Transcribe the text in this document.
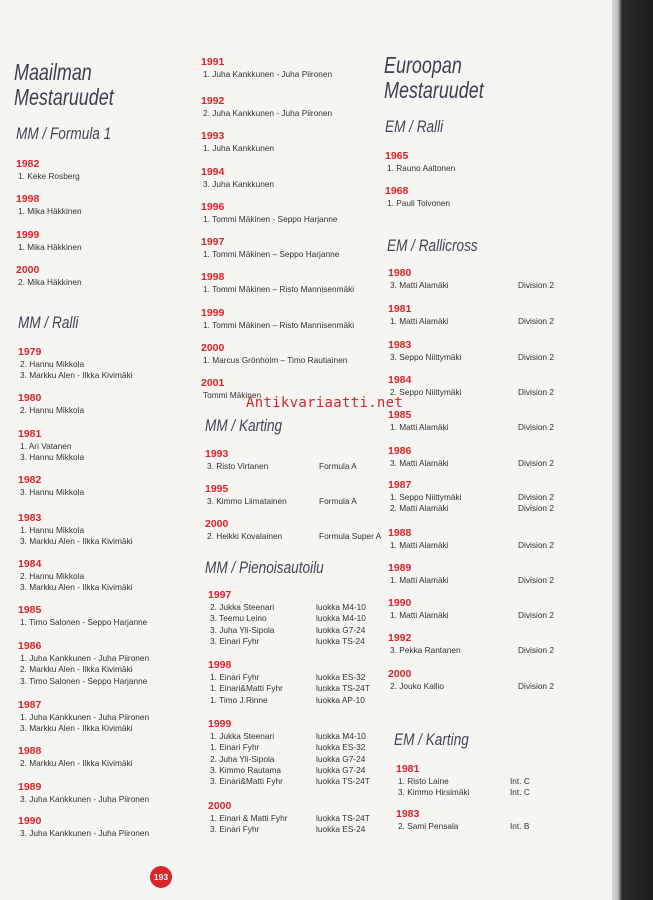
Maailman
Mestaruudet
MM / Formula 1
1982
1. Keke Rosberg
1998
1. Mika Häkkinen
1999
1. Mika Häkkinen
2000
2. Mika Häkkinen
MM / Ralli
1979
2. Hannu Mikkola
3. Markku Alen - Ilkka Kivimäki
1980
2. Hannu Mikkola
1981
1. Ari Vatanen
3. Hannu Mikkola
1982
3. Hannu Mikkola
1983
1. Hannu Mikkola
3. Markku Alen - Ilkka Kivimäki
1984
2. Hannu Mikkola
3. Markku Alen - Ilkka Kivimäki
1985
1. Timo Salonen - Seppo Harjanne
1986
1. Juha Kankkunen - Juha Piironen
2. Markku Alen - Ilkka Kivimäki
3. Timo Salonen - Seppo Harjanne
1987
1. Juha Kankkunen - Juha Piironen
3. Markku Alen - Ilkka Kivimäki
1988
2. Markku Alen - Ilkka Kivimäki
1989
3. Juha Kankkunen - Juha Piironen
1990
3. Juha Kankkunen - Juha Piironen
1991
1. Juha Kankkunen - Juha Piironen
1992
2. Juha Kankkunen - Juha Piironen
1993
1. Juha Kankkunen
1994
3. Juha Kankkunen
1996
1. Tommi Mäkinen - Seppo Harjanne
1997
1. Tommi Mäkinen – Seppo Harjanne
1998
1. Tommi Mäkinen – Risto Mannisenmäki
1999
1. Tommi Mäkinen – Risto Mannisenmäki
2000
1. Marcus Grönholm – Timo Rautiainen
2001
Tommi Mäkinen
MM / Karting
1993
3. Risto Virtanen	Formula A
1995
3. Kimmo Liimatainen	Formula A
2000
2. Heikki Kovalainen	Formula Super A
MM / Pienoisautoilu
1997
2. Jukka Steenari	luokka M4-10
3. Teemu Leino	luokka M4-10
3. Juha Yli-Sipola	luokka G7-24
3. Einari Fyhr	luokka TS-24
1998
1. Einari Fyhr	luokka ES-32
1. Einari&Matti Fyhr	luokka TS-24T
1. Timo J.Rinne	luokka AP-10
1999
1. Jukka Steenari	luokka M4-10
1. Einari Fyhr	luokka ES-32
2. Juha Yli-Sipola	luokka G7-24
3. Kimmo Rautama	luokka G7-24
3. Einari&Matti Fyhr	luokka TS-24T
2000
1. Einari & Matti Fyhr	luokka TS-24T
3. Einari Fyhr	luokka ES-24
Euroopan
Mestaruudet
EM / Ralli
1965
1. Rauno Aaltonen
1968
1. Pauli Toivonen
EM / Rallicross
1980
3. Matti Alamäki	Division 2
1981
1. Matti Alamäki	Division 2
1983
3. Seppo Niittymäki	Division 2
1984
2. Seppo Niittymäki	Division 2
1985
1. Matti Alamäki	Division 2
1986
3. Matti Alamäki	Division 2
1987
1. Seppo Niittymäki	Division 2
2. Matti Alamäki	Division 2
1988
1. Matti Alamäki	Division 2
1989
1. Matti Alamäki	Division 2
1990
1. Matti Alamäki	Division 2
1992
3. Pekka Rantanen	Division 2
2000
2. Jouko Kallio	Division 2
EM / Karting
1981
1. Risto Laine	Int. C
3. Kimmo Hirsimäki	Int. C
1983
2. Sami Pensala	Int. B
Antikvariaatti.net
193
